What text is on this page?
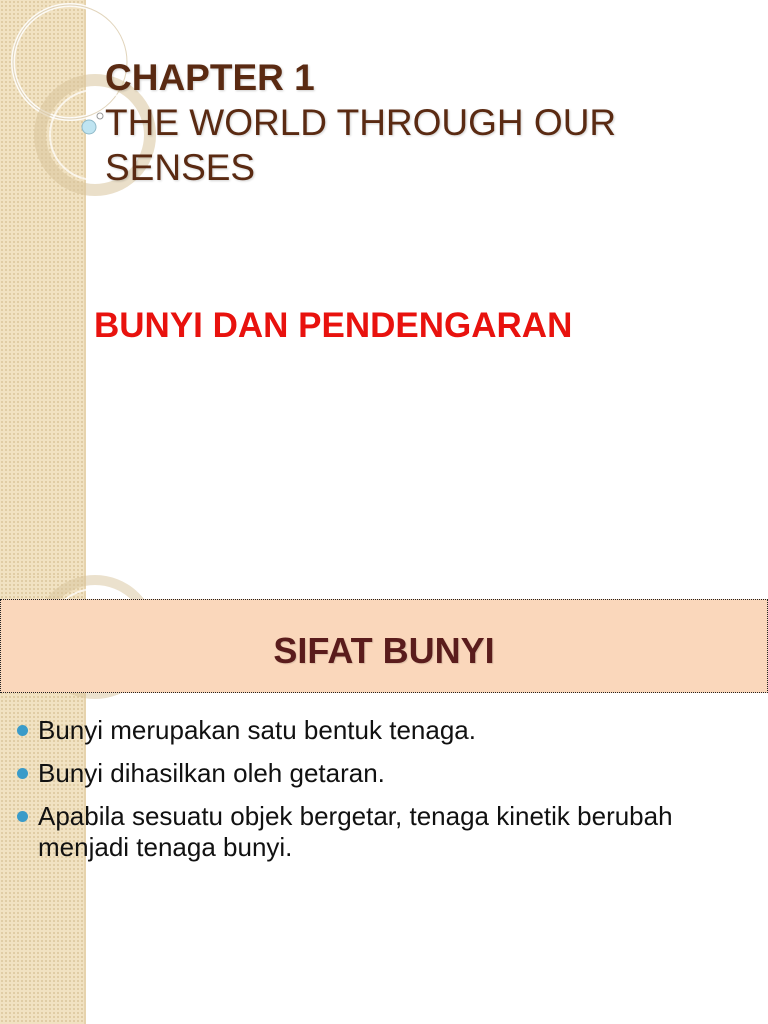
CHAPTER 1
THE WORLD THROUGH OUR
SENSES
BUNYI DAN PENDENGARAN
SIFAT BUNYI
Bunyi merupakan satu bentuk tenaga.
Bunyi dihasilkan oleh getaran.
Apabila sesuatu objek bergetar, tenaga kinetik berubah menjadi tenaga bunyi.
